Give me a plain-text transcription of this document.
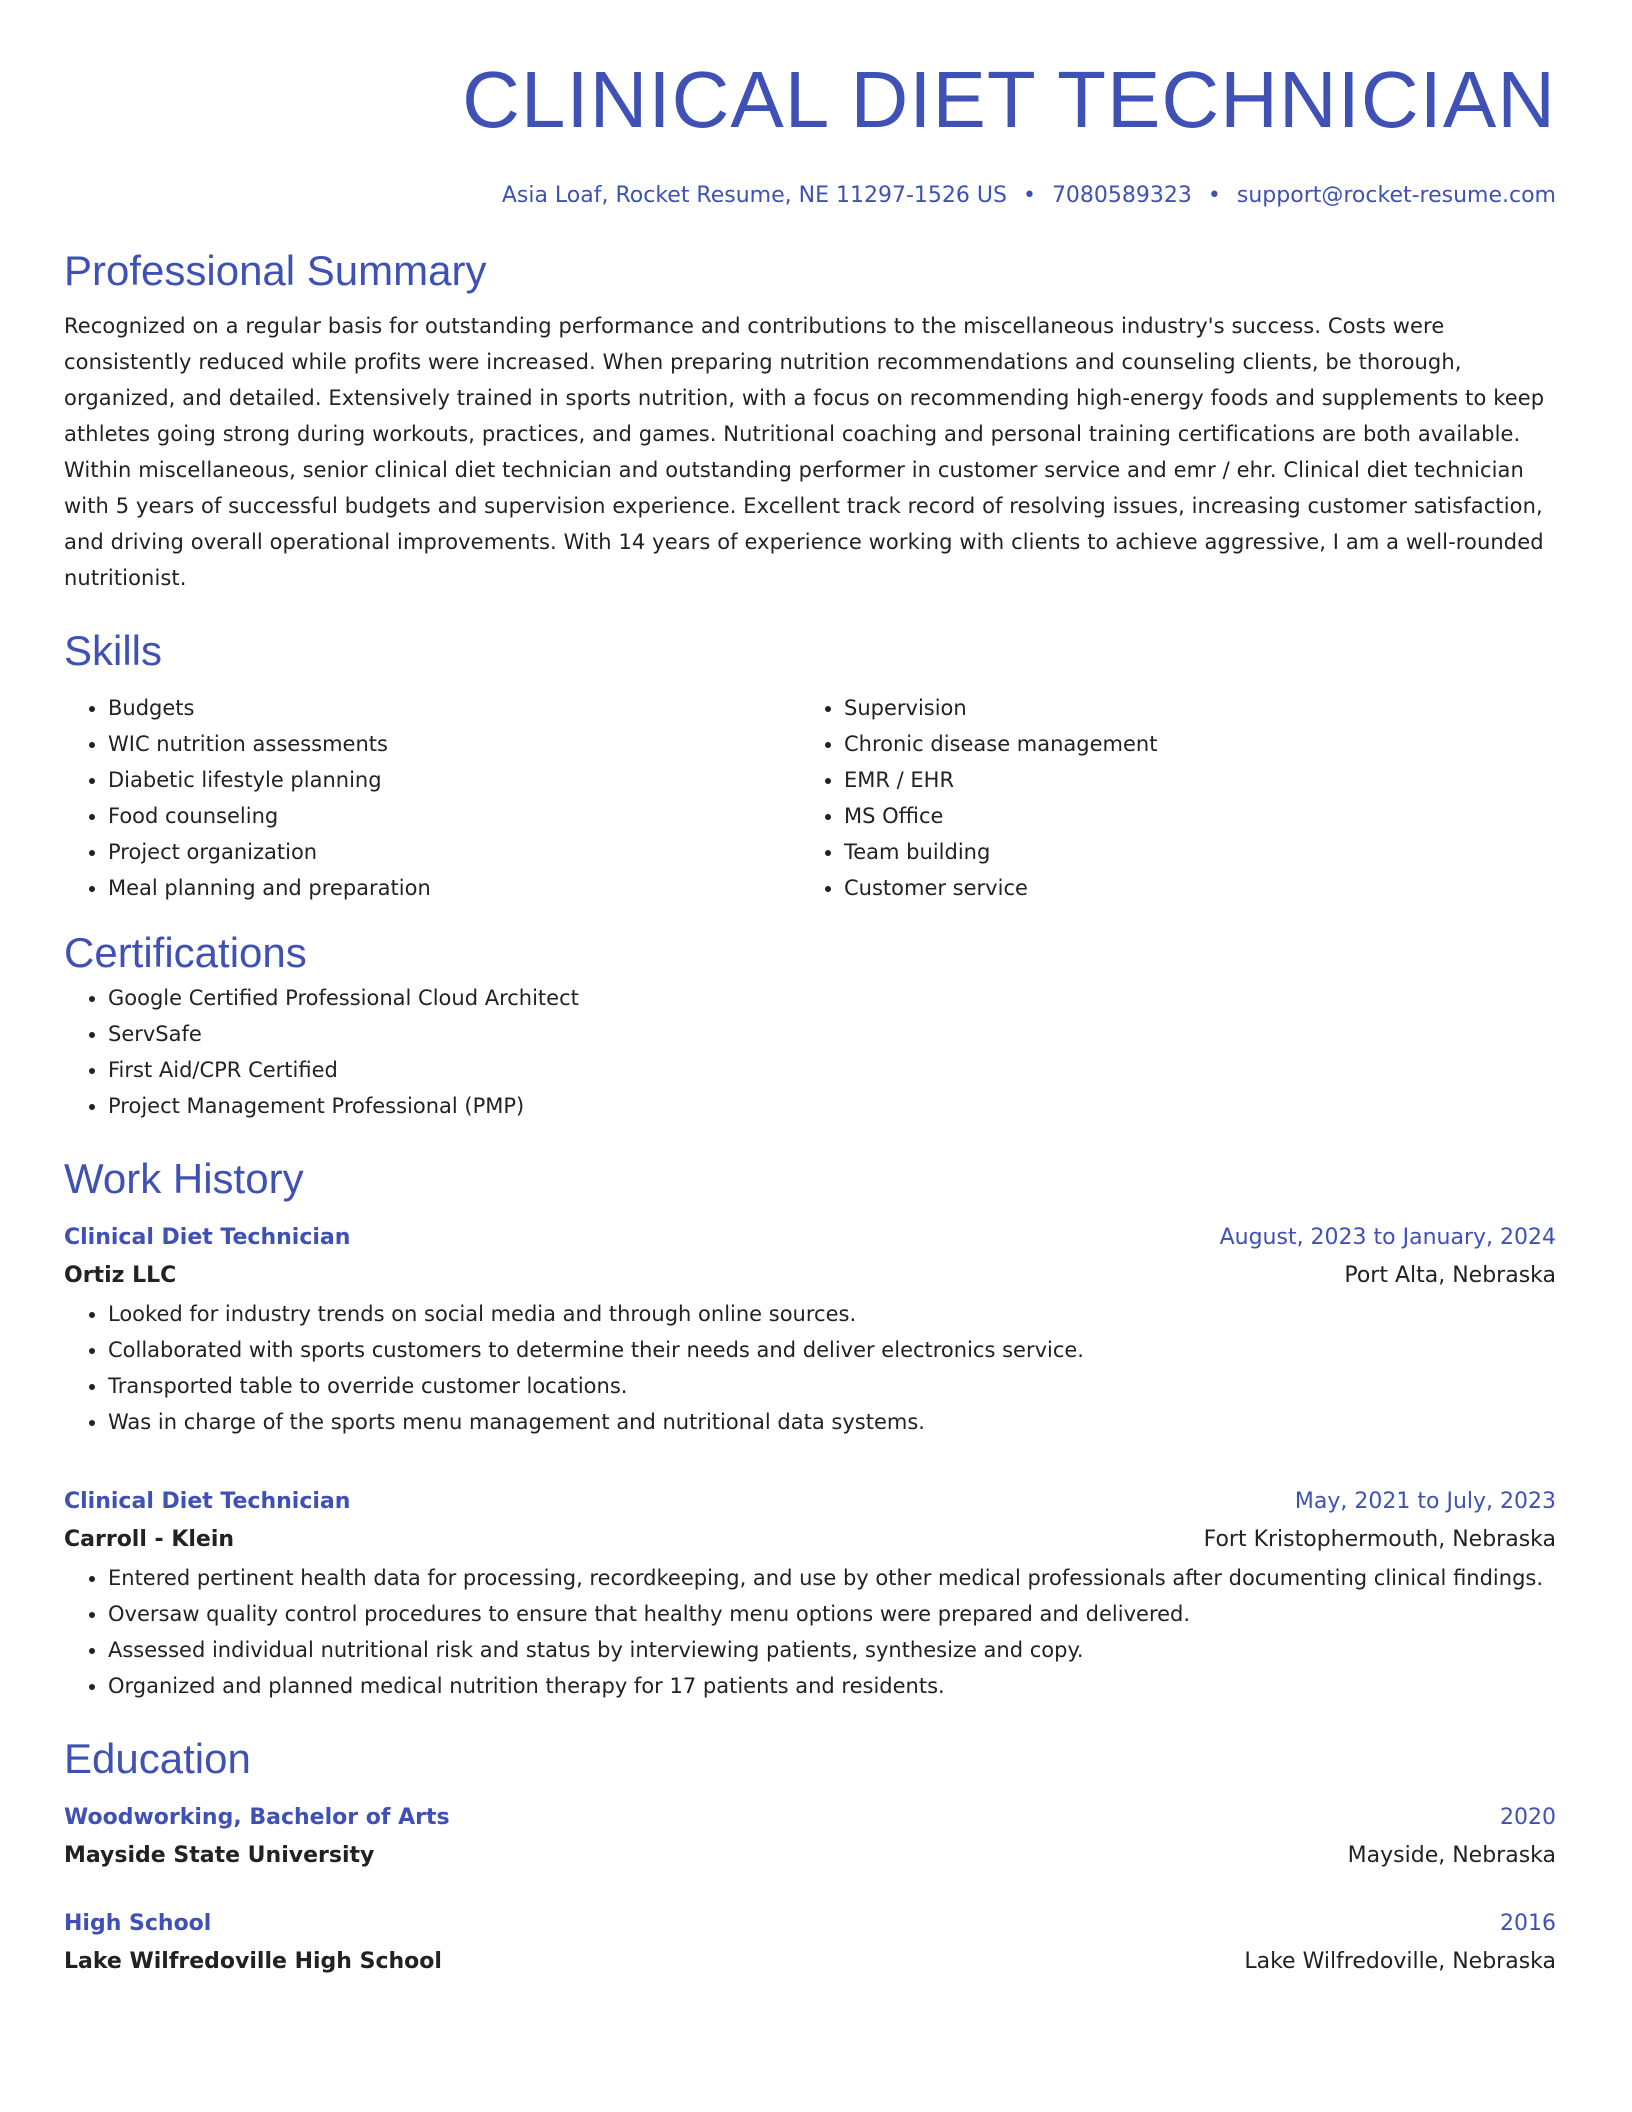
CLINICAL DIET TECHNICIAN
Asia Loaf, Rocket Resume, NE 11297-1526 US • 7080589323 • support@rocket-resume.com
Professional Summary
Recognized on a regular basis for outstanding performance and contributions to the miscellaneous industry's success. Costs were consistently reduced while profits were increased. When preparing nutrition recommendations and counseling clients, be thorough, organized, and detailed. Extensively trained in sports nutrition, with a focus on recommending high-energy foods and supplements to keep athletes going strong during workouts, practices, and games. Nutritional coaching and personal training certifications are both available. Within miscellaneous, senior clinical diet technician and outstanding performer in customer service and emr / ehr. Clinical diet technician with 5 years of successful budgets and supervision experience. Excellent track record of resolving issues, increasing customer satisfaction, and driving overall operational improvements. With 14 years of experience working with clients to achieve aggressive, I am a well-rounded nutritionist.
Skills
• Budgets
• WIC nutrition assessments
• Diabetic lifestyle planning
• Food counseling
• Project organization
• Meal planning and preparation
• Supervision
• Chronic disease management
• EMR / EHR
• MS Office
• Team building
• Customer service
Certifications
• Google Certified Professional Cloud Architect
• ServSafe
• First Aid/CPR Certified
• Project Management Professional (PMP)
Work History
Clinical Diet Technician	August, 2023 to January, 2024
Ortiz LLC	Port Alta, Nebraska
• Looked for industry trends on social media and through online sources.
• Collaborated with sports customers to determine their needs and deliver electronics service.
• Transported table to override customer locations.
• Was in charge of the sports menu management and nutritional data systems.
Clinical Diet Technician	May, 2021 to July, 2023
Carroll - Klein	Fort Kristophermouth, Nebraska
• Entered pertinent health data for processing, recordkeeping, and use by other medical professionals after documenting clinical findings.
• Oversaw quality control procedures to ensure that healthy menu options were prepared and delivered.
• Assessed individual nutritional risk and status by interviewing patients, synthesize and copy.
• Organized and planned medical nutrition therapy for 17 patients and residents.
Education
Woodworking, Bachelor of Arts	2020
Mayside State University	Mayside, Nebraska
High School	2016
Lake Wilfredoville High School	Lake Wilfredoville, Nebraska
